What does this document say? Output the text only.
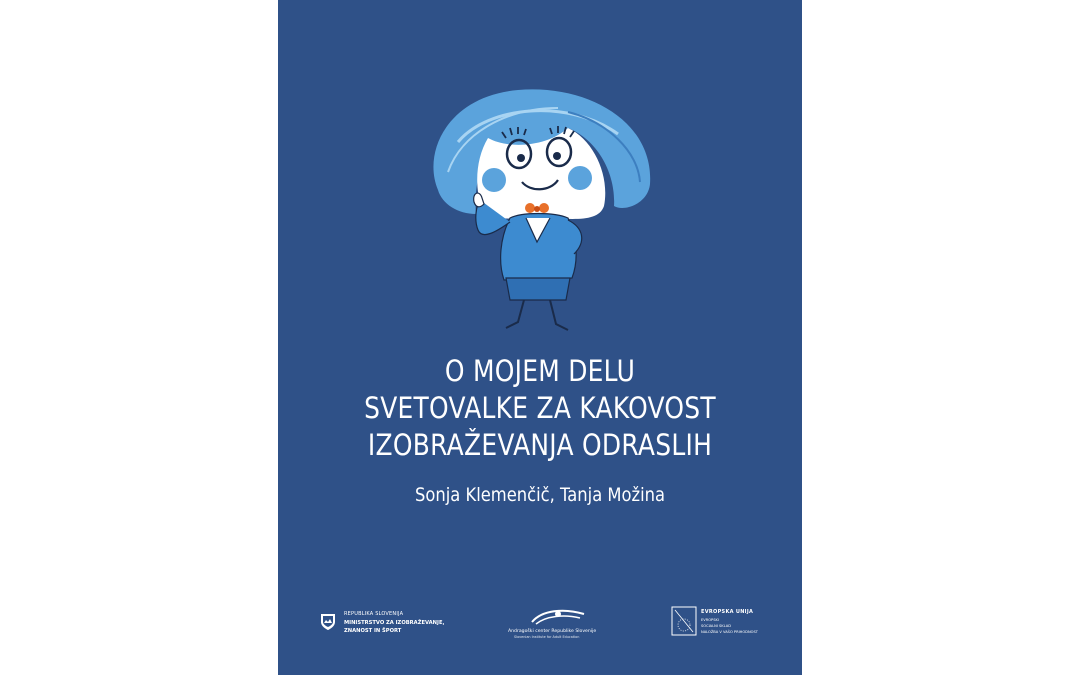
O MOJEM DELU
SVETOVALKE ZA KAKOVOST
IZOBRAŽEVANJA ODRASLIH
Sonja Klemenčič, Tanja Možina
REPUBLIKA SLOVENIJA
MINISTRSTVO ZA IZOBRAŽEVANJE,
ZNANOST IN ŠPORT	Andragoški center Republike Slovenije
Slovenian Institute for Adult Education
EVROPSKA UNIJA
EVROPSKI
SOCIALNI SKLAD
NALOŽBA V VAŠO PRIHODNOST
